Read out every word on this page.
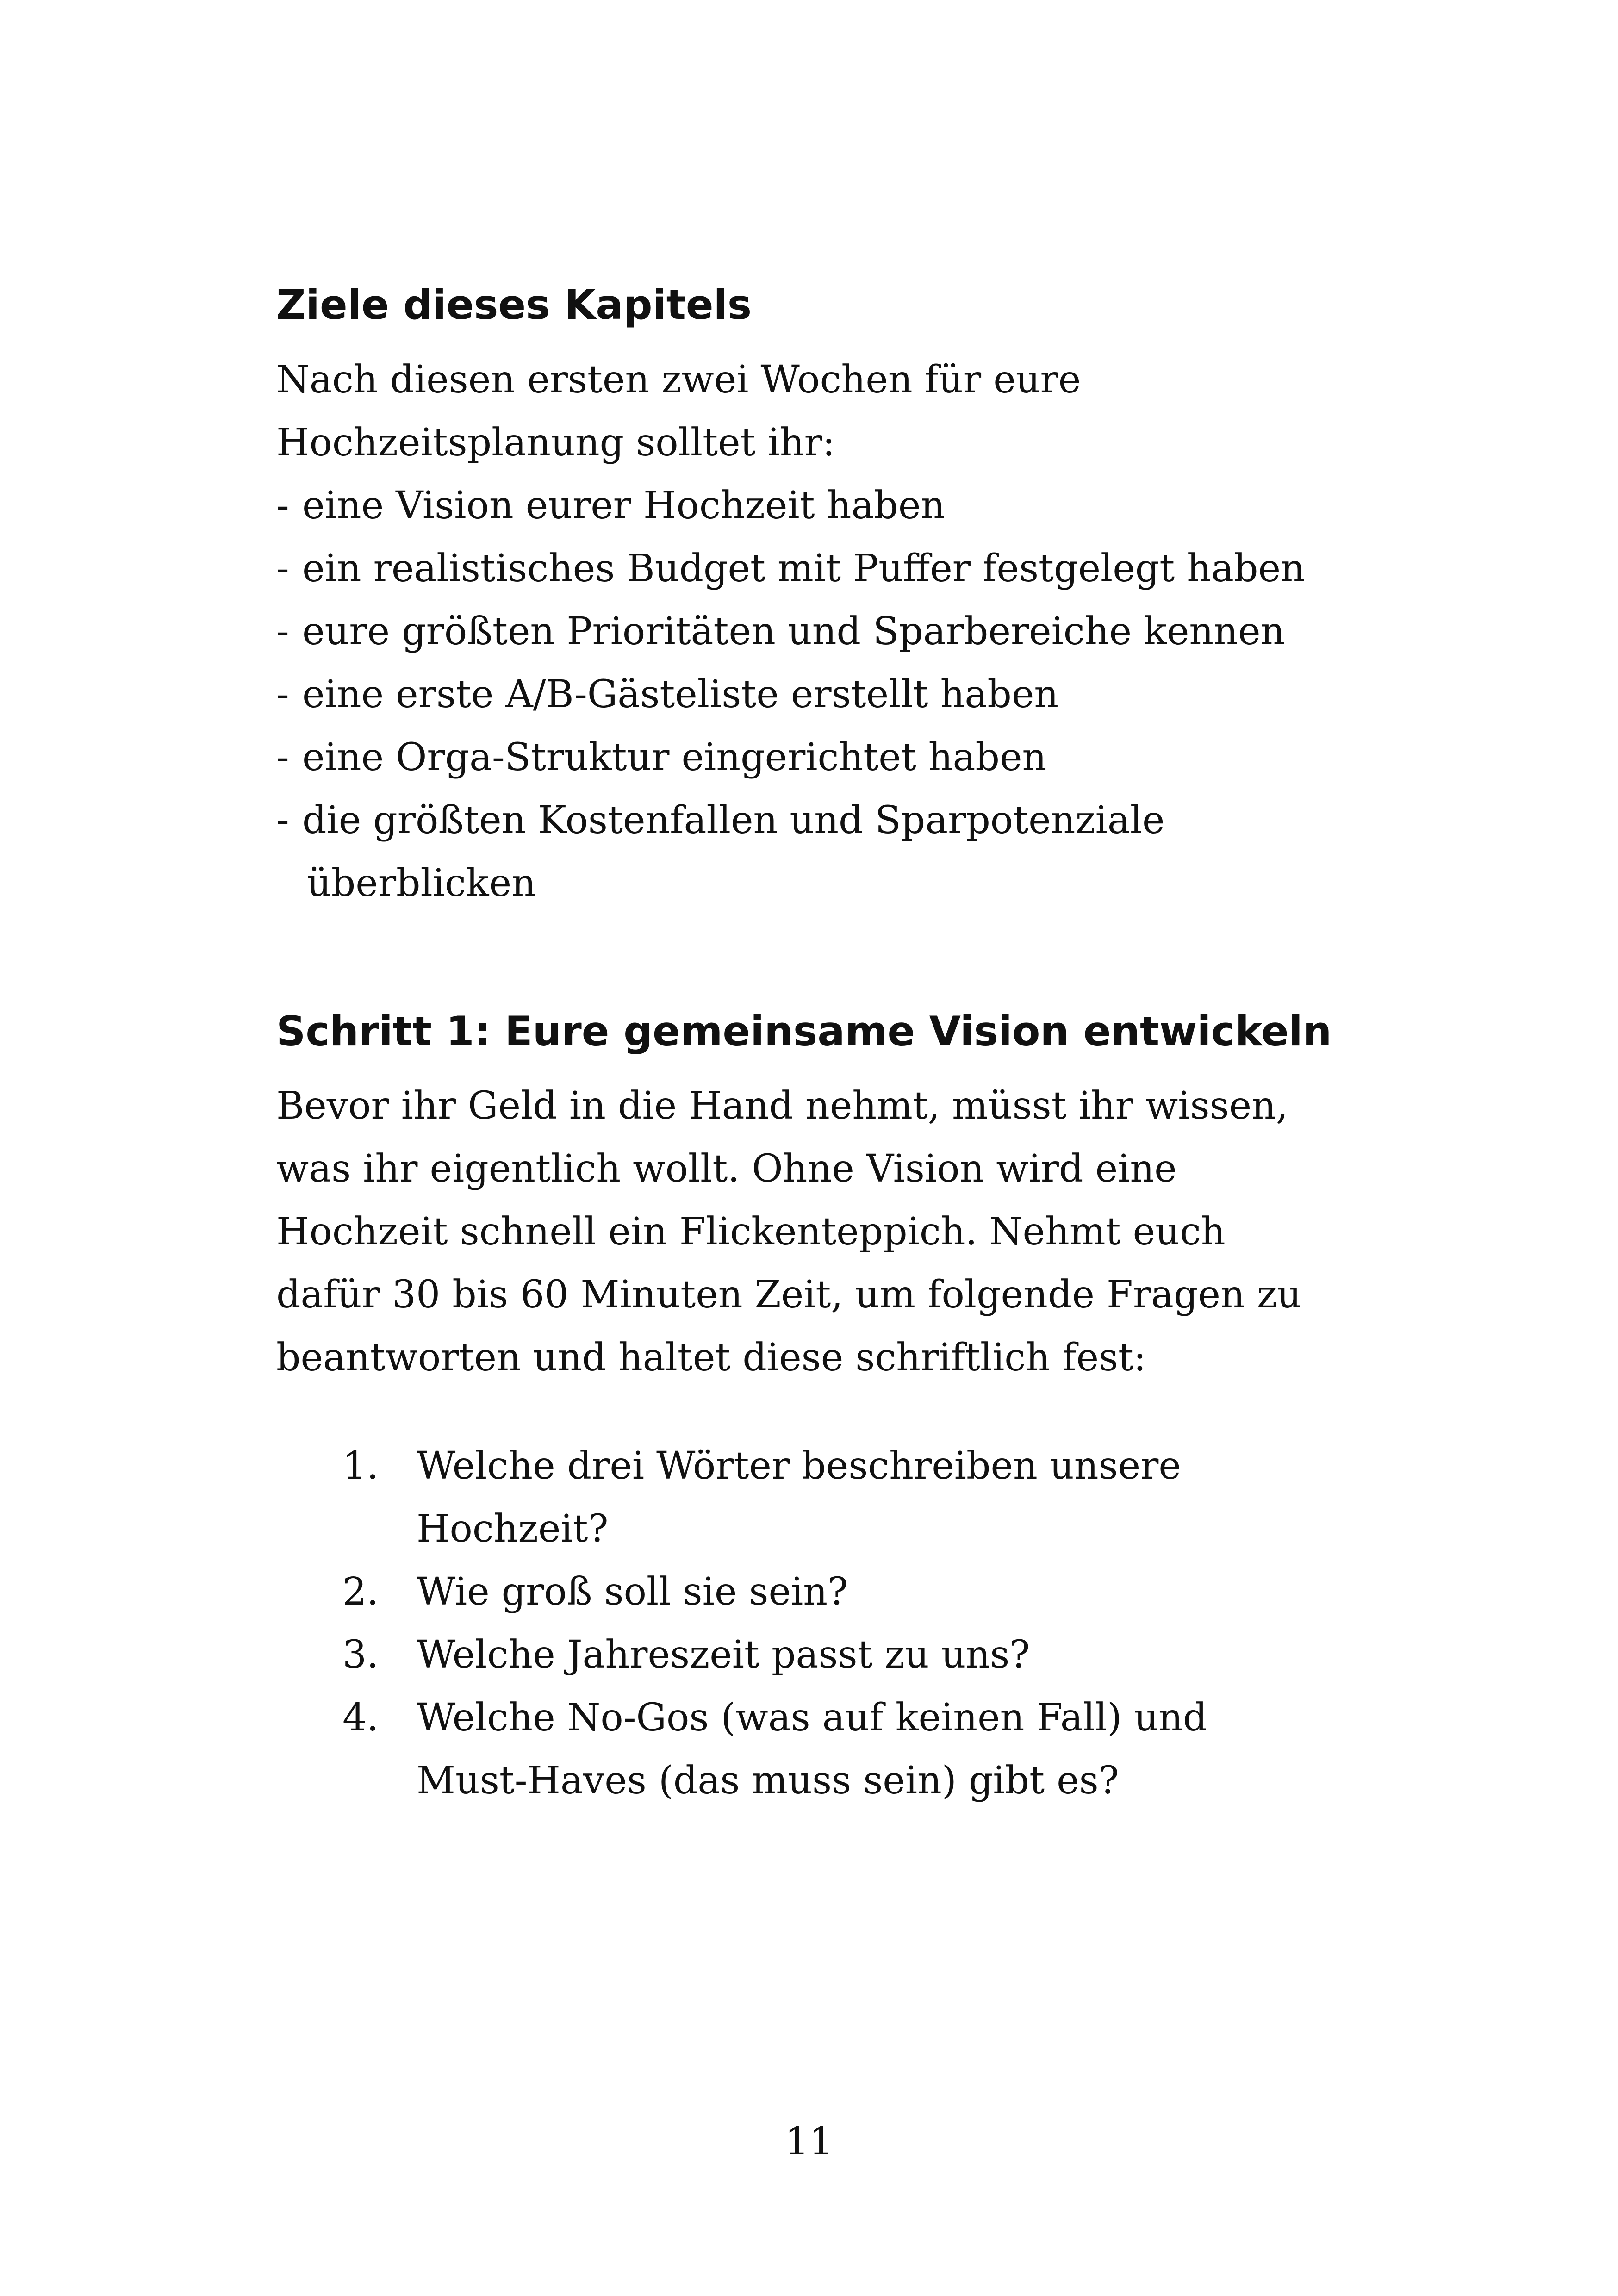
Ziele dieses Kapitels

Nach diesen ersten zwei Wochen für eure Hochzeitsplanung solltet ihr:

- eine Vision eurer Hochzeit haben
- ein realistisches Budget mit Puffer festgelegt haben
- eure größten Prioritäten und Sparbereiche kennen
- eine erste A/B-Gästeliste erstellt haben
- eine Orga-Struktur eingerichtet haben
- die größten Kostenfallen und Sparpotenziale überblicken
Schritt 1: Eure gemeinsame Vision entwickeln

Bevor ihr Geld in die Hand nehmt, müsst ihr wissen, was ihr eigentlich wollt. Ohne Vision wird eine Hochzeit schnell ein Flickenteppich. Nehmt euch dafür 30 bis 60 Minuten Zeit, um folgende Fragen zu beantworten und haltet diese schriftlich fest:

1. Welche drei Wörter beschreiben unsere Hochzeit?
2. Wie groß soll sie sein?
3. Welche Jahreszeit passt zu uns?
4. Welche No-Gos (was auf keinen Fall) und Must-Haves (das muss sein) gibt es?
11
